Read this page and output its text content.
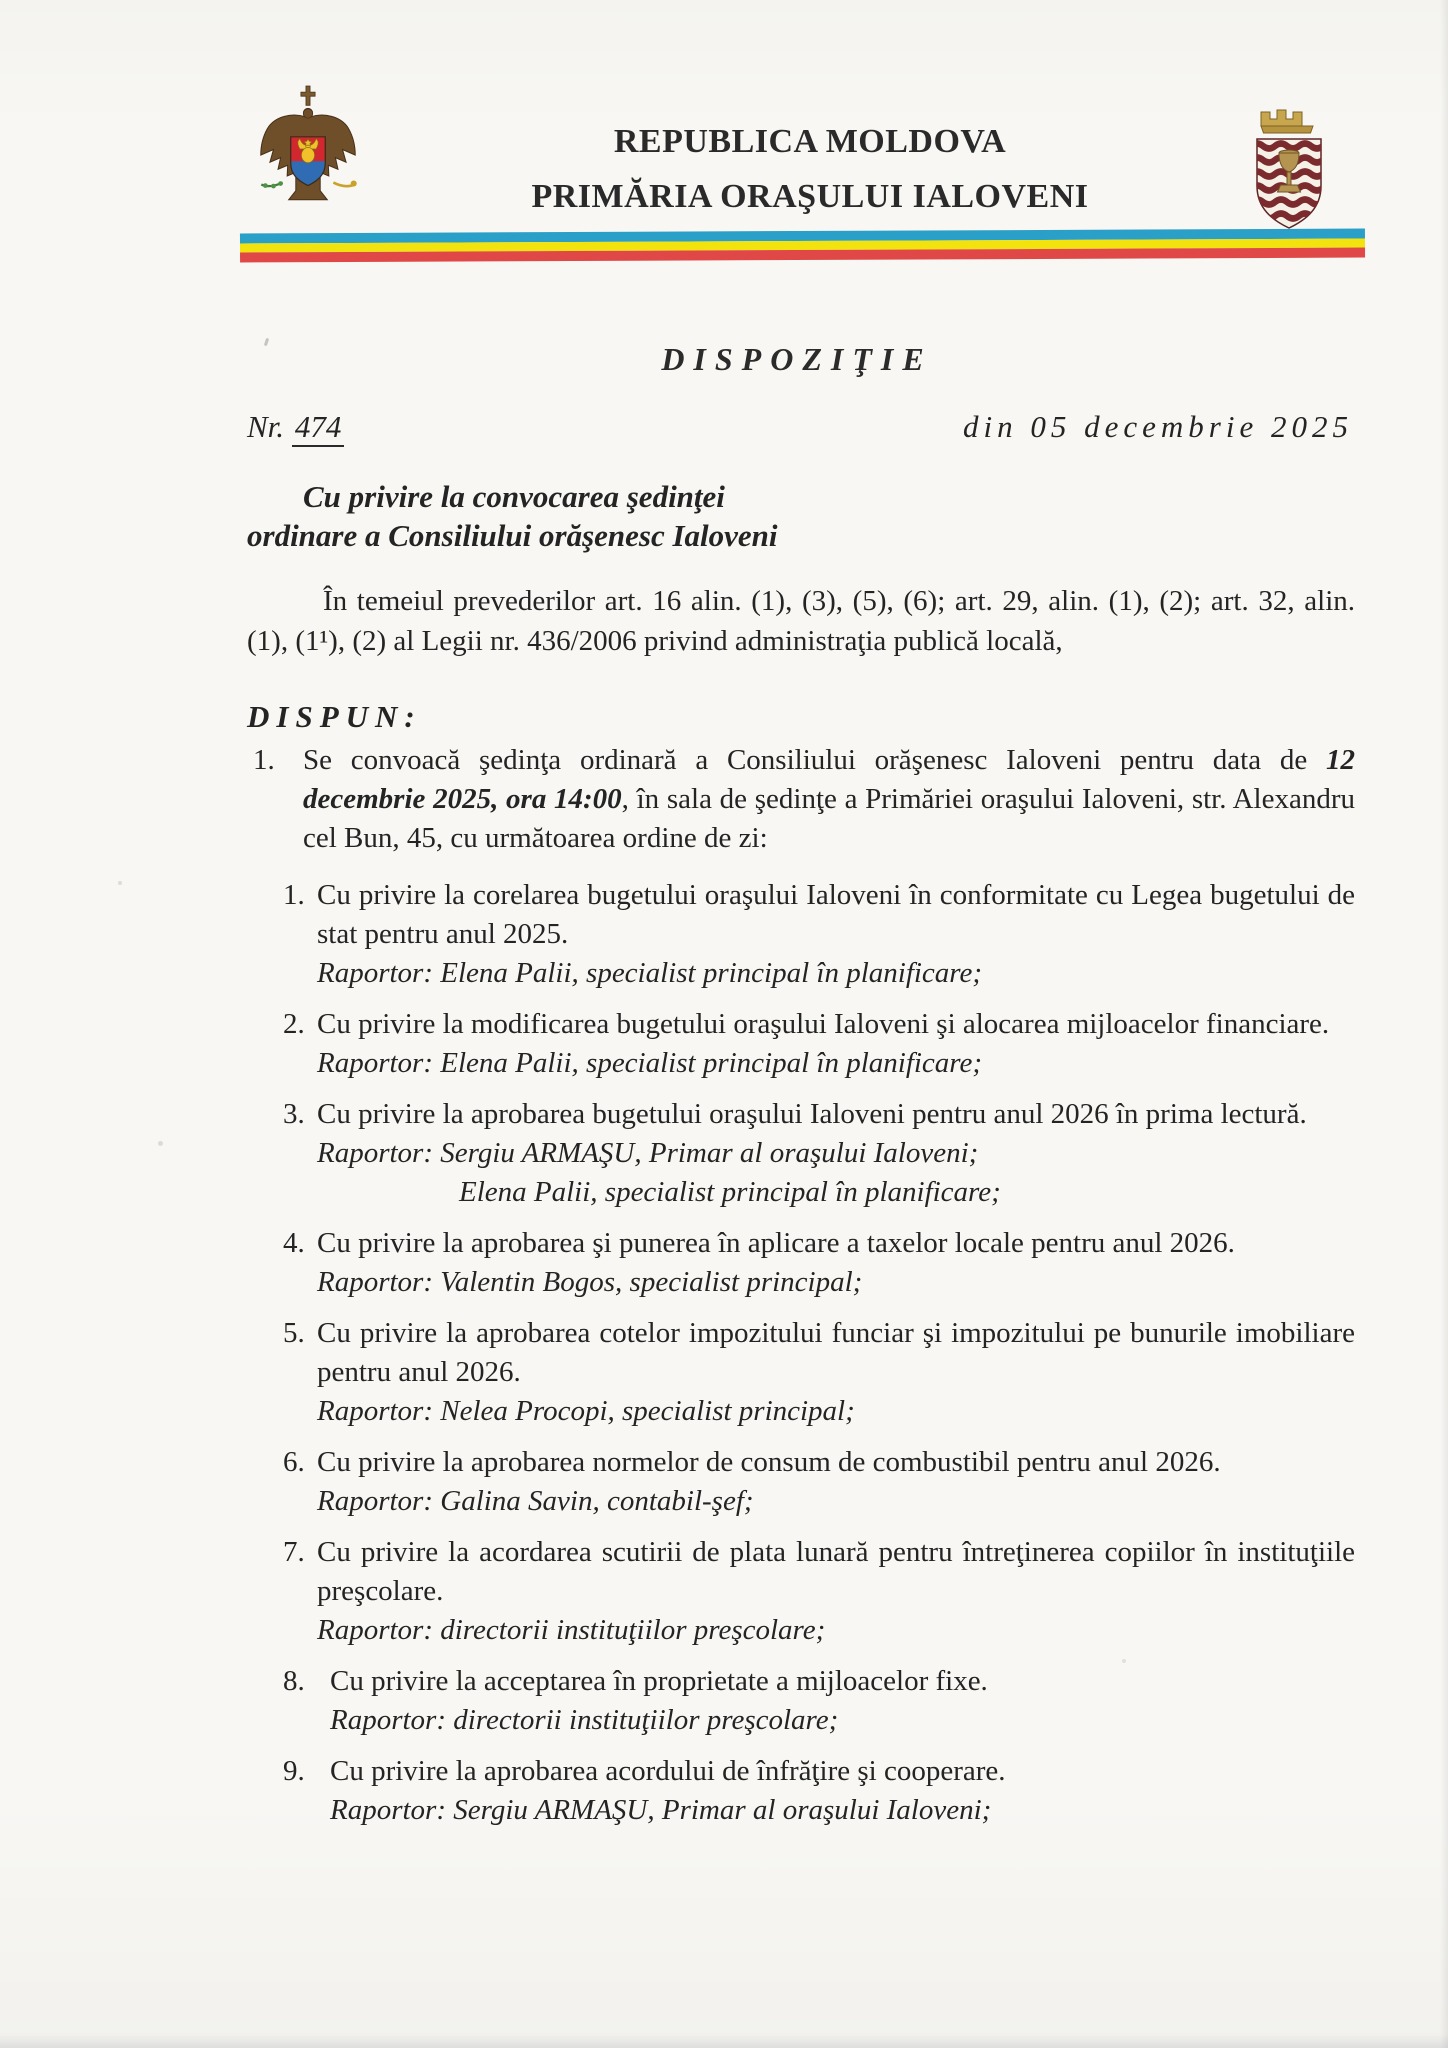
REPUBLICA MOLDOVA
PRIMĂRIA ORAŞULUI IALOVENI
DISPOZIŢIE
Nr. 474	din 05 decembrie 2025
Cu privire la convocarea şedinţei
ordinare a Consiliului orăşenesc Ialoveni
În temeiul prevederilor art. 16 alin. (1), (3), (5), (6); art. 29, alin. (1), (2); art. 32, alin. (1), (1¹), (2) al Legii nr. 436/2006 privind administraţia publică locală,
DISPUN:
1. Se convoacă şedinţa ordinară a Consiliului orăşenesc Ialoveni pentru data de 12 decembrie 2025, ora 14:00, în sala de şedinţe a Primăriei oraşului Ialoveni, str. Alexandru cel Bun, 45, cu următoarea ordine de zi:
1. Cu privire la corelarea bugetului oraşului Ialoveni în conformitate cu Legea bugetului de stat pentru anul 2025.
Raportor: Elena Palii, specialist principal în planificare;
2. Cu privire la modificarea bugetului oraşului Ialoveni şi alocarea mijloacelor financiare.
Raportor: Elena Palii, specialist principal în planificare;
3. Cu privire la aprobarea bugetului oraşului Ialoveni pentru anul 2026 în prima lectură.
Raportor: Sergiu ARMAŞU, Primar al oraşului Ialoveni;
Elena Palii, specialist principal în planificare;
4. Cu privire la aprobarea şi punerea în aplicare a taxelor locale pentru anul 2026.
Raportor: Valentin Bogos, specialist principal;
5. Cu privire la aprobarea cotelor impozitului funciar şi impozitului pe bunurile imobiliare pentru anul 2026.
Raportor: Nelea Procopi, specialist principal;
6. Cu privire la aprobarea normelor de consum de combustibil pentru anul 2026.
Raportor: Galina Savin, contabil-şef;
7. Cu privire la acordarea scutirii de plata lunară pentru întreţinerea copiilor în instituţiile preşcolare.
Raportor: directorii instituţiilor preşcolare;
8. Cu privire la acceptarea în proprietate a mijloacelor fixe.
Raportor: directorii instituţiilor preşcolare;
9. Cu privire la aprobarea acordului de înfrăţire şi cooperare.
Raportor: Sergiu ARMAŞU, Primar al oraşului Ialoveni;
